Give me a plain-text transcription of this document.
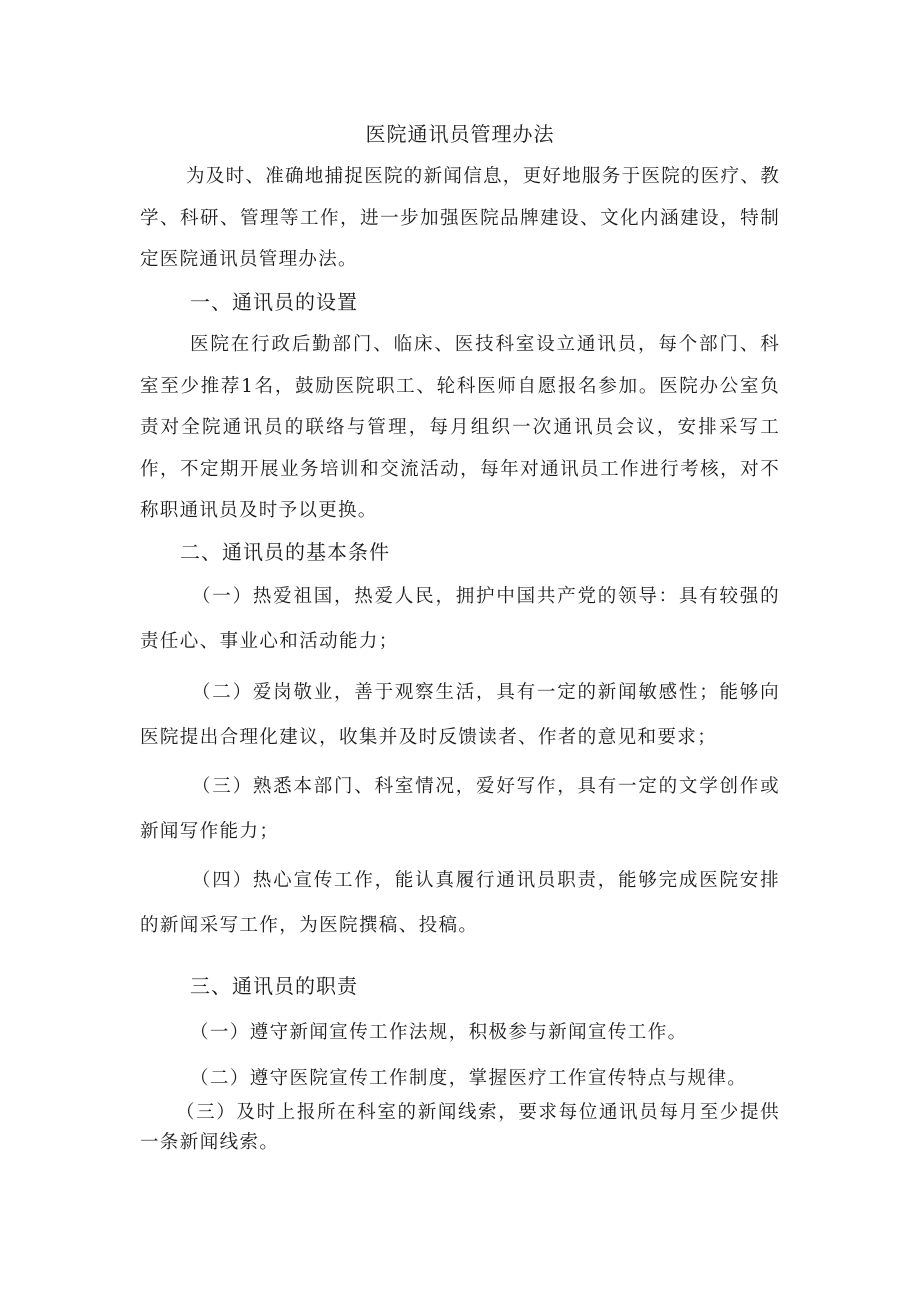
医院通讯员管理办法

为及时、准确地捕捉医院的新闻信息，更好地服务于医院的医疗、教学、科研、管理等工作，进一步加强医院品牌建设、文化内涵建设，特制定医院通讯员管理办法。

一、通讯员的设置

医院在行政后勤部门、临床、医技科室设立通讯员，每个部门、科室至少推荐1名，鼓励医院职工、轮科医师自愿报名参加。医院办公室负责对全院通讯员的联络与管理，每月组织一次通讯员会议，安排采写工作，不定期开展业务培训和交流活动，每年对通讯员工作进行考核，对不称职通讯员及时予以更换。

二、通讯员的基本条件

（一）热爱祖国，热爱人民，拥护中国共产党的领导：具有较强的责任心、事业心和活动能力；

（二）爱岗敬业，善于观察生活，具有一定的新闻敏感性；能够向医院提出合理化建议，收集并及时反馈读者、作者的意见和要求；

（三）熟悉本部门、科室情况，爱好写作，具有一定的文学创作或新闻写作能力；

（四）热心宣传工作，能认真履行通讯员职责，能够完成医院安排的新闻采写工作，为医院撰稿、投稿。

三、通讯员的职责

（一）遵守新闻宣传工作法规，积极参与新闻宣传工作。

（二）遵守医院宣传工作制度，掌握医疗工作宣传特点与规律。

（三）及时上报所在科室的新闻线索，要求每位通讯员每月至少提供一条新闻线索。
